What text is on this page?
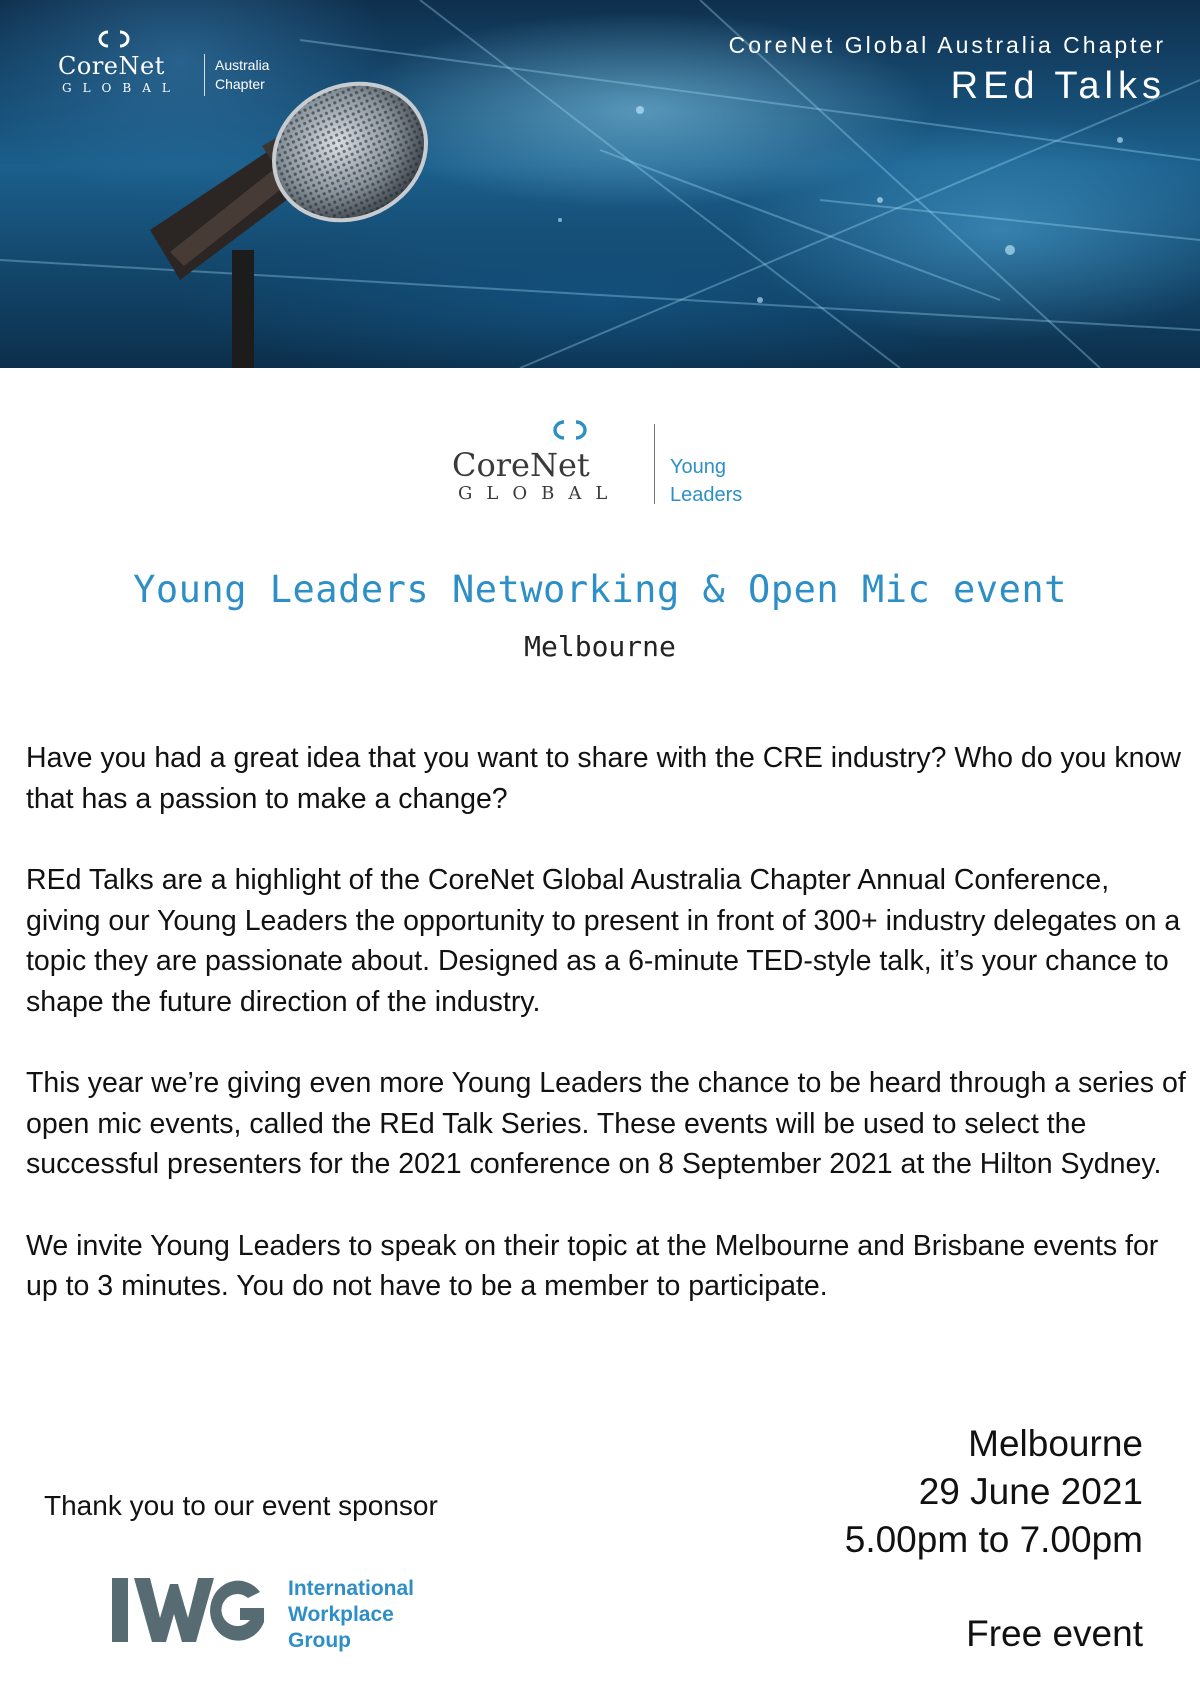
CoreNet
GLOBAL
Australia
Chapter
CoreNet Global Australia Chapter
REd Talks
CoreNet
GLOBAL
Young
Leaders
Young Leaders Networking & Open Mic event
Melbourne

Have you had a great idea that you want to share with the CRE industry? Who do you know that has a passion to make a change?

REd Talks are a highlight of the CoreNet Global Australia Chapter Annual Conference, giving our Young Leaders the opportunity to present in front of 300+ industry delegates on a topic they are passionate about. Designed as a 6-minute TED-style talk, it’s your chance to shape the future direction of the industry.

This year we’re giving even more Young Leaders the chance to be heard through a series of open mic events, called the REd Talk Series. These events will be used to select the successful presenters for the 2021 conference on 8 September 2021 at the Hilton Sydney.

We invite Young Leaders to speak on their topic at the Melbourne and Brisbane events for up to 3 minutes. You do not have to be a member to participate.

Thank you to our event sponsor
International
Workplace
Group
Melbourne
29 June 2021
5.00pm to 7.00pm
Free event
